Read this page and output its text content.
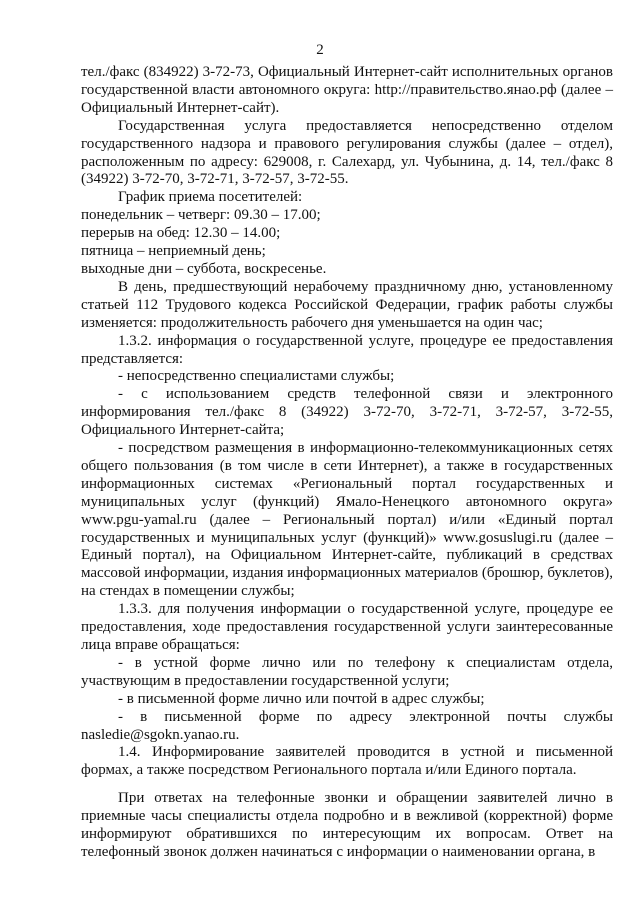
2

тел./факс (834922) 3-72-73, Официальный Интернет-сайт исполнительных органов государственной власти автономного округа: http://правительство.янао.рф (далее – Официальный Интернет-сайт).

Государственная услуга предоставляется непосредственно отделом государственного надзора и правового регулирования службы (далее – отдел), расположенным по адресу: 629008, г. Салехард, ул. Чубынина, д. 14, тел./факс 8 (34922) 3-72-70, 3-72-71, 3-72-57, 3-72-55.

График приема посетителей:

понедельник – четверг: 09.30 – 17.00;

перерыв на обед: 12.30 – 14.00;

пятница – неприемный день;

выходные дни – суббота, воскресенье.

В день, предшествующий нерабочему праздничному дню, установленному статьей 112 Трудового кодекса Российской Федерации, график работы службы изменяется: продолжительность рабочего дня уменьшается на один час;

1.3.2. информация о государственной услуге, процедуре ее предоставления представляется:

- непосредственно специалистами службы;

- с использованием средств телефонной связи и электронного информирования тел./факс 8 (34922) 3-72-70, 3-72-71, 3-72-57, 3-72-55, Официального Интернет-сайта;

- посредством размещения в информационно-телекоммуникационных сетях общего пользования (в том числе в сети Интернет), а также в государственных информационных системах «Региональный портал государственных и муниципальных услуг (функций) Ямало-Ненецкого автономного округа» www.pgu-yamal.ru (далее – Региональный портал) и/или «Единый портал государственных и муниципальных услуг (функций)» www.gosuslugi.ru (далее – Единый портал), на Официальном Интернет-сайте, публикаций в средствах массовой информации, издания информационных материалов (брошюр, буклетов), на стендах в помещении службы;

1.3.3. для получения информации о государственной услуге, процедуре ее предоставления, ходе предоставления государственной услуги заинтересованные лица вправе обращаться:

- в устной форме лично или по телефону к специалистам отдела, участвующим в предоставлении государственной услуги;

- в письменной форме лично или почтой в адрес службы;

- в письменной форме по адресу электронной почты службы nasledie@sgokn.yanao.ru.

1.4. Информирование заявителей проводится в устной и письменной формах, а также посредством Регионального портала и/или Единого портала.

При ответах на телефонные звонки и обращении заявителей лично в приемные часы специалисты отдела подробно и в вежливой (корректной) форме информируют обратившихся по интересующим их вопросам. Ответ на телефонный звонок должен начинаться с информации о наименовании органа, в
